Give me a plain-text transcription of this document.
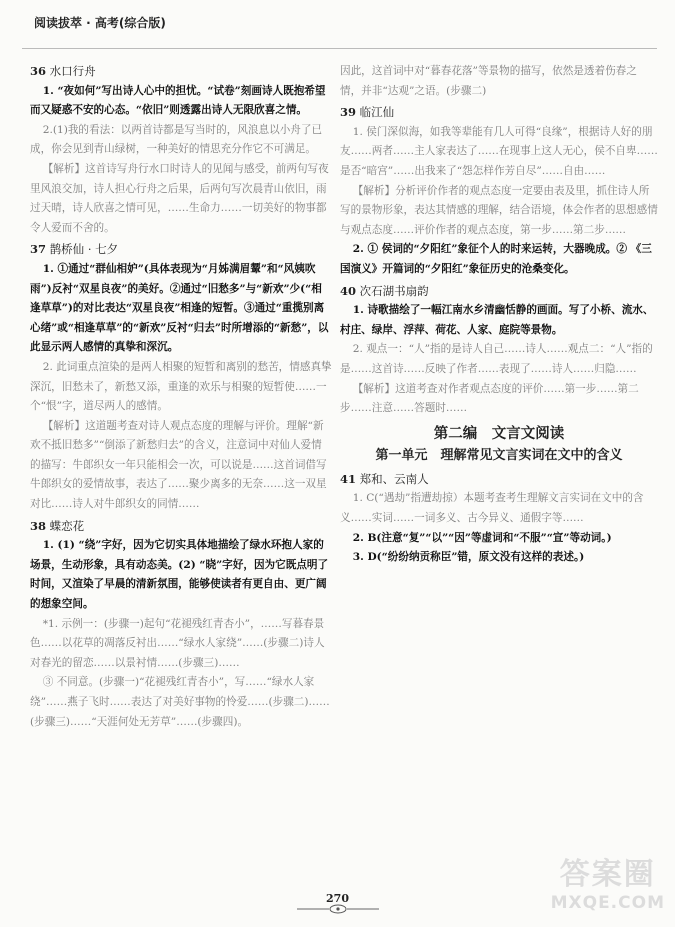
阅读拔萃 · 高考(综合版)
36 水口行舟

1. “夜如何”写出诗人心中的担忧。“试卷”刻画诗人既抱希望而又疑惑不安的心态。“依旧”则透露出诗人无限欣喜之情。

2.(1)我的看法：以两首诗都是写当时的，风浪息以小舟了已成，你会见到青山绿树，一种美好的情思充分作它不可满足。

【解析】这首诗写舟行水口时诗人的见闻与感受，前两句写夜里风浪交加，诗人担心行舟之后果，后两句写次晨青山依旧，雨过天晴，诗人欣喜之情可见，……生命力……一切美好的物事都令人爱而不舍的。

37 鹊桥仙 · 七夕

1. ①通过“群仙相妒”(具体表现为“月姊满眉颦”和“风姨吹雨”)反衬“双星良夜”的美好。②通过“旧愁多”与“新欢”少(“相逢草草”)的对比表达“双星良夜”相逢的短暂。③通过“重揽别离心绪”或“相逢草草”的“新欢”反衬“归去”时所增添的“新愁”，以此显示两人感情的真挚和深沉。

2. 此词重点渲染的是两人相聚的短暂和离别的愁苦，情感真挚深沉，旧愁未了，新愁又添，重逢的欢乐与相聚的短暂使……一个“恨”字，道尽两人的感情。

【解析】这道题考查对诗人观点态度的理解与评价。理解“新欢不抵旧愁多”“倒添了新愁归去”的含义，注意词中对仙人爱情的描写：牛郎织女一年只能相会一次，可以说是……这首词借写牛郎织女的爱情故事，表达了……聚少离多的无奈……这一双星对比……诗人对牛郎织女的同情……

38 蝶恋花

1. (1) “绕”字好，因为它切实具体地描绘了绿水环抱人家的场景，生动形象，具有动态美。(2) “晓”字好，因为它既点明了时间，又渲染了早晨的清新氛围，能够使读者有更自由、更广阔的想象空间。

*1. 示例一：(步骤一)起句“花褪残红青杏小”，……写暮春景色……以花草的凋落反衬出……“绿水人家绕”……(步骤二)诗人对春光的留恋……以景衬情……(步骤三)……

③ 不同意。(步骤一)“花褪残红青杏小”，写……“绿水人家绕”……燕子飞时……表达了对美好事物的怜爱……(步骤二)……(步骤三)……“天涯何处无芳草”……(步骤四)。

因此，这首词中对“暮春花落”等景物的描写，依然是透着伤春之情，并非“达观”之语。(步骤二)

39 临江仙

1. 侯门深似海，如我等辈能有几人可得“良缘”，根据诗人好的朋友……两者……主人家表达了……在现事上这人无心，侯不自卑……是否“暗宫”……出我来了“怨怎样作芳自尽”……自由……

【解析】分析评价作者的观点态度一定要由表及里，抓住诗人所写的景物形象，表达其情感的理解，结合语境，体会作者的思想感情与观点态度……评价作者的观点态度，第一步……第二步……

2. ① 侯词的“夕阳红”象征个人的时来运转，大器晚成。② 《三国演义》开篇词的“夕阳红”象征历史的沧桑变化。

40 次石湖书扇韵

1. 诗歌描绘了一幅江南水乡清幽恬静的画面。写了小桥、流水、村庄、绿岸、浮萍、荷花、人家、庭院等景物。

2. 观点一：“人”指的是诗人自己……诗人……观点二：“人”指的是……这首诗……反映了作者……表现了……诗人……归隐……

【解析】这道考查对作者观点态度的评价……第一步……第二步……注意……答题时……

第二编　文言文阅读
第一单元　理解常见文言实词在文中的含义
41 郑和、云南人

1. C(“遇劫”指遭劫掠）本题考查考生理解文言实词在文中的含义……实词……一词多义、古今异义、通假字等……

2. B(注意“复”“以”“因”等虚词和“不服”“宣”等动词。)

3. D(“纷纷纳贡称臣”错，原文没有这样的表述。)

270
答案圈
MXQE.COM
